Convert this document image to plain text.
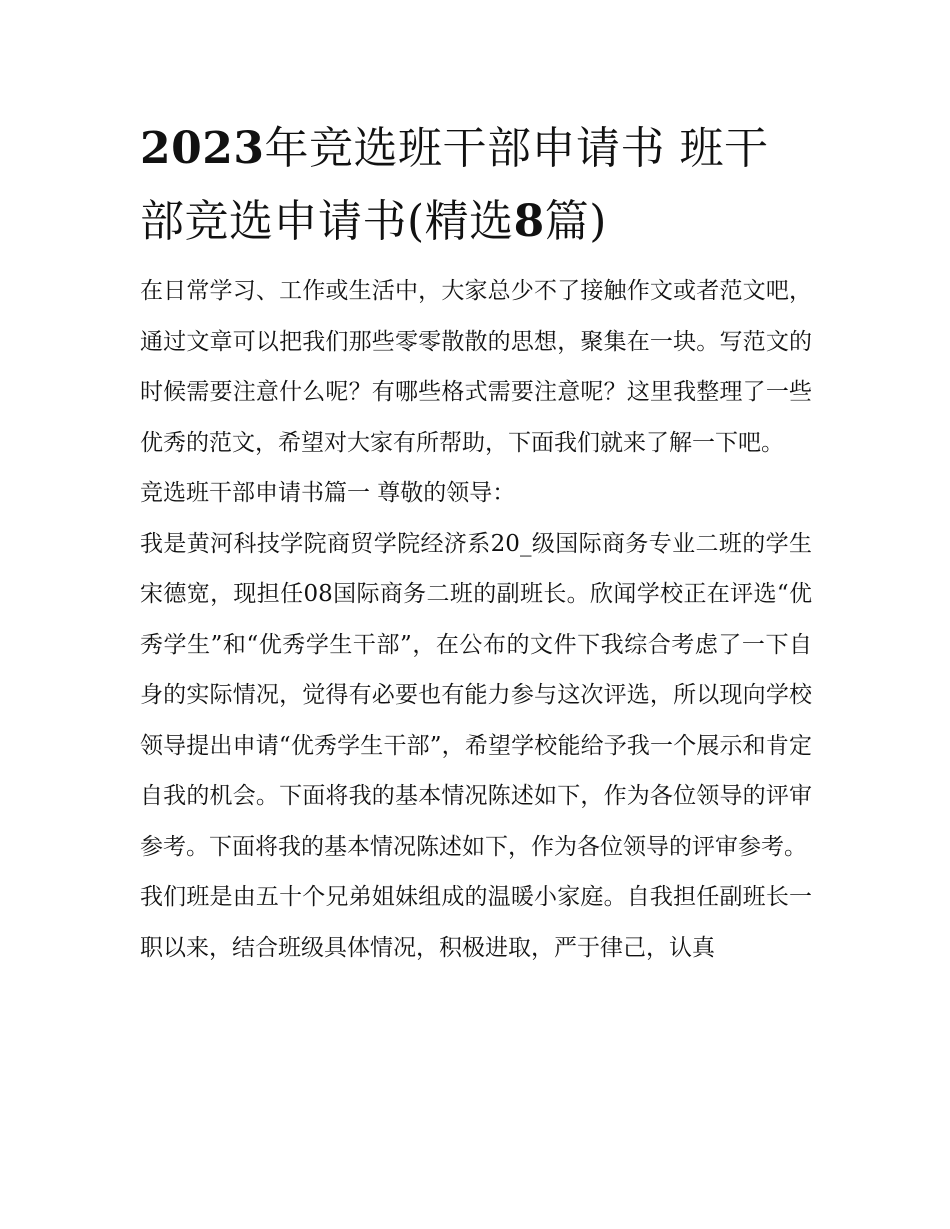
2023年竞选班干部申请书 班干部竞选申请书(精选8篇)

在日常学习、工作或生活中，大家总少不了接触作文或者范文吧，通过文章可以把我们那些零零散散的思想，聚集在一块。写范文的时候需要注意什么呢？有哪些格式需要注意呢？这里我整理了一些优秀的范文，希望对大家有所帮助，下面我们就来了解一下吧。

竞选班干部申请书篇一 尊敬的领导：

我是黄河科技学院商贸学院经济系20_级国际商务专业二班的学生宋德宽，现担任08国际商务二班的副班长。欣闻学校正在评选“优秀学生”和“优秀学生干部”，在公布的文件下我综合考虑了一下自身的实际情况，觉得有必要也有能力参与这次评选，所以现向学校领导提出申请“优秀学生干部”，希望学校能给予我一个展示和肯定自我的机会。下面将我的基本情况陈述如下，作为各位领导的评审参考。下面将我的基本情况陈述如下，作为各位领导的评审参考。

我们班是由五十个兄弟姐妹组成的温暖小家庭。自我担任副班长一职以来，结合班级具体情况，积极进取，严于律己，认真
